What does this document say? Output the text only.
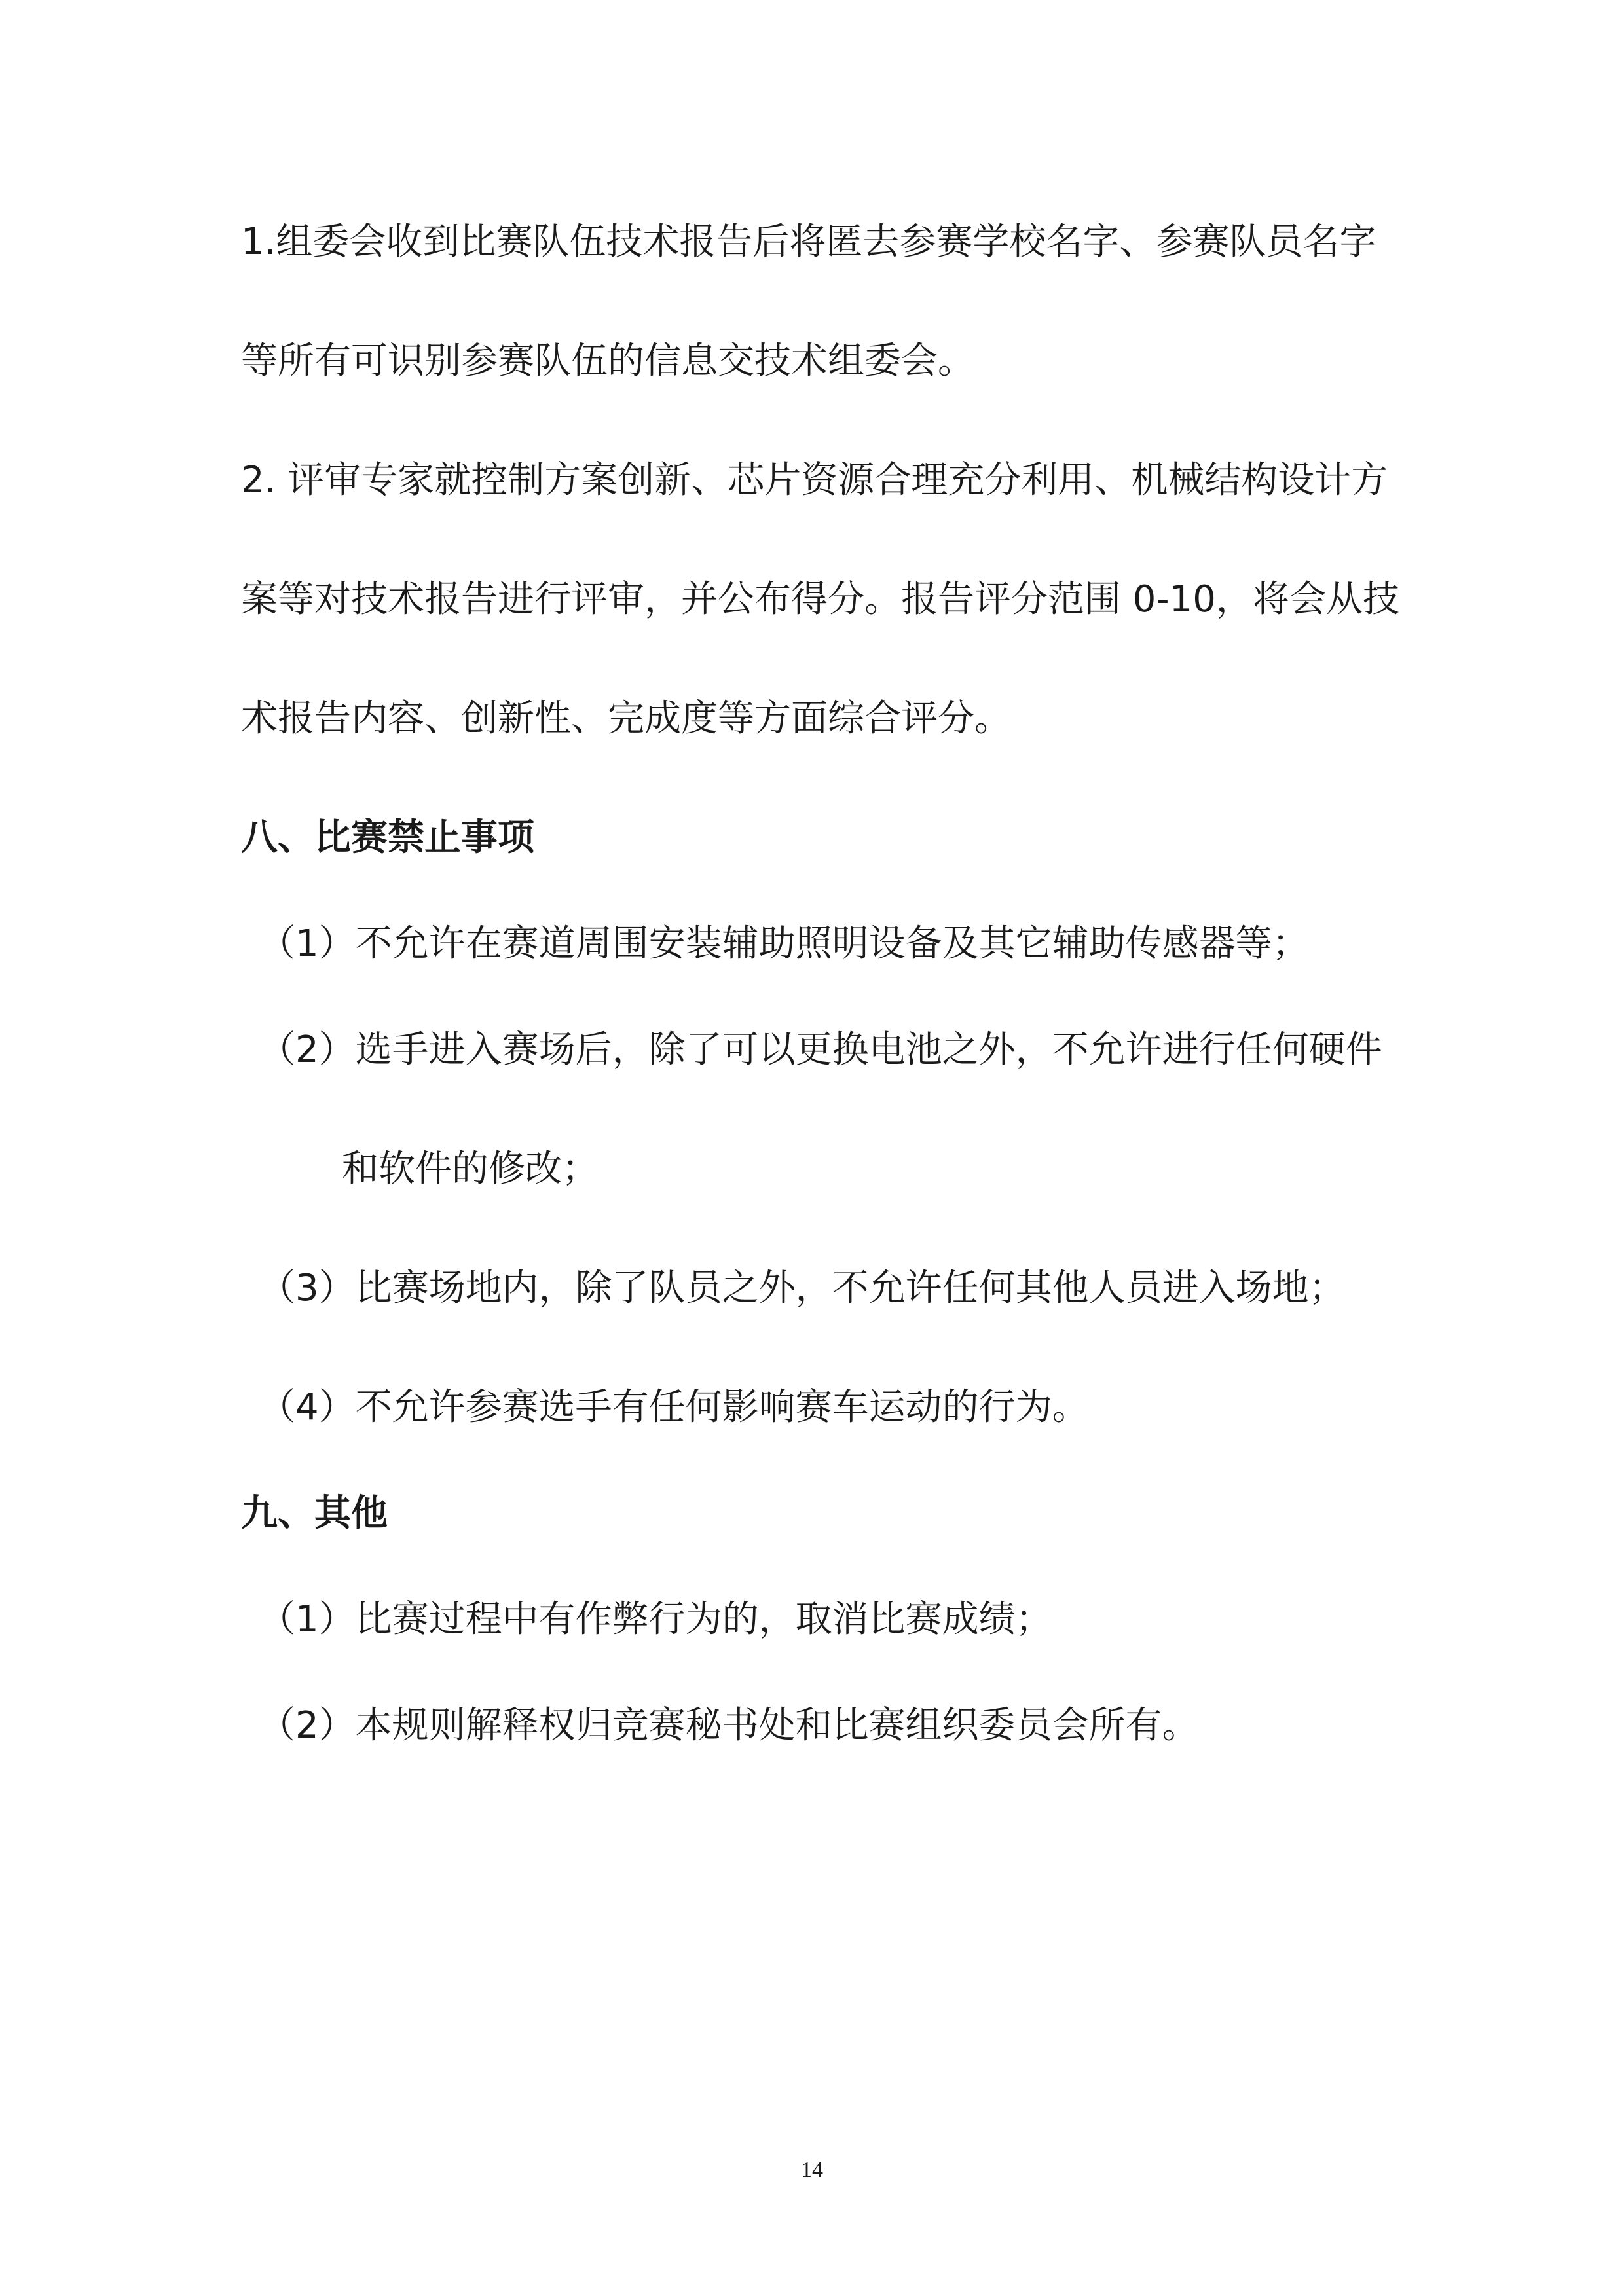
1.组委会收到比赛队伍技术报告后将匿去参赛学校名字、参赛队员名字
等所有可识别参赛队伍的信息交技术组委会。
2. 评审专家就控制方案创新、芯片资源合理充分利用、机械结构设计方
案等对技术报告进行评审，并公布得分。报告评分范围 0-10，将会从技
术报告内容、创新性、完成度等方面综合评分。
八、比赛禁止事项
（1）不允许在赛道周围安装辅助照明设备及其它辅助传感器等；
（2）选手进入赛场后，除了可以更换电池之外，不允许进行任何硬件
和软件的修改；
（3）比赛场地内，除了队员之外，不允许任何其他人员进入场地；
（4）不允许参赛选手有任何影响赛车运动的行为。
九、其他
（1）比赛过程中有作弊行为的，取消比赛成绩；
（2）本规则解释权归竞赛秘书处和比赛组织委员会所有。
14
